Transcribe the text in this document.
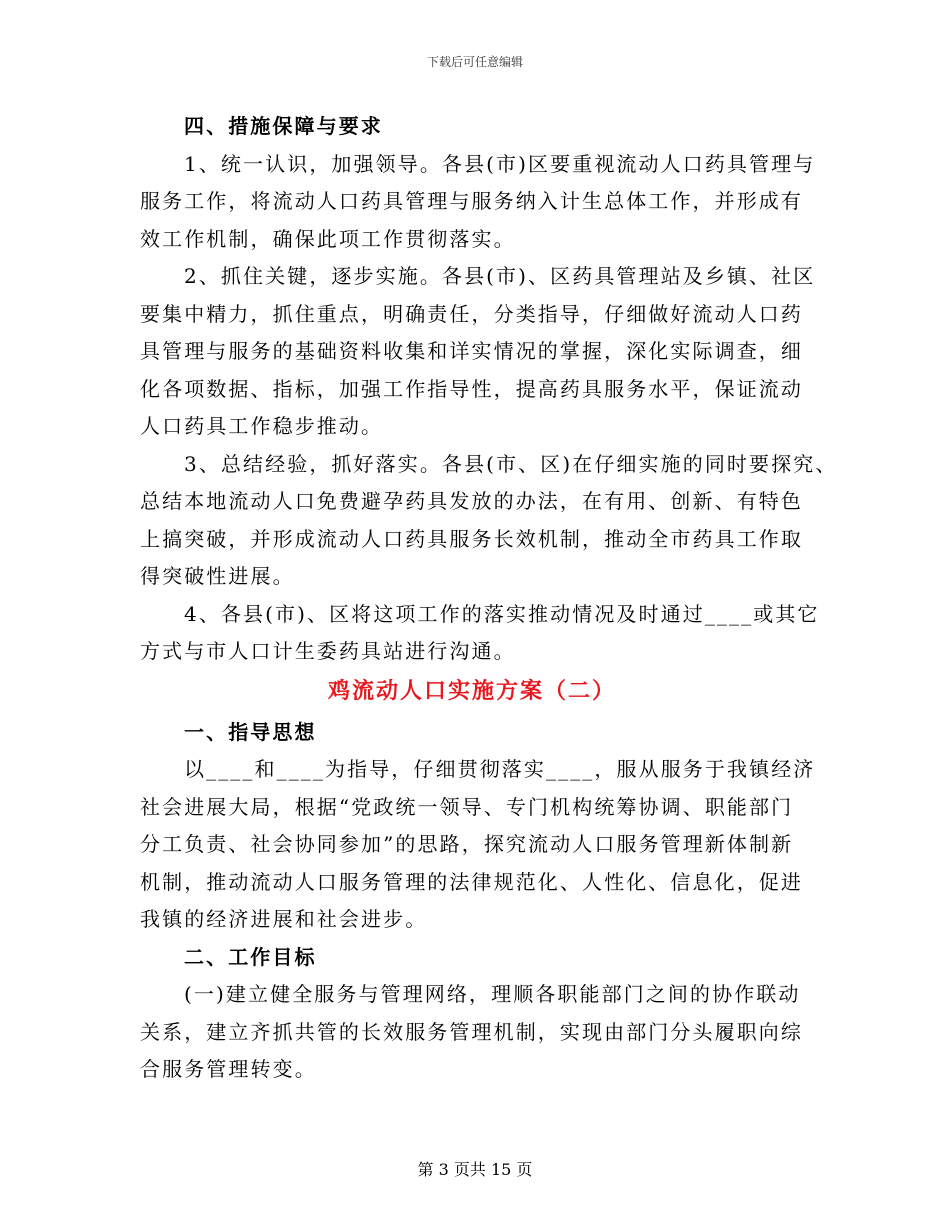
下载后可任意编辑
四、措施保障与要求
1、统一认识，加强领导。各县(市)区要重视流动人口药具管理与
服务工作，将流动人口药具管理与服务纳入计生总体工作，并形成有
效工作机制，确保此项工作贯彻落实。
2、抓住关键，逐步实施。各县(市)、区药具管理站及乡镇、社区
要集中精力，抓住重点，明确责任，分类指导，仔细做好流动人口药
具管理与服务的基础资料收集和详实情况的掌握，深化实际调查，细
化各项数据、指标，加强工作指导性，提高药具服务水平，保证流动
人口药具工作稳步推动。
3、总结经验，抓好落实。各县(市、区)在仔细实施的同时要探究、
总结本地流动人口免费避孕药具发放的办法，在有用、创新、有特色
上搞突破，并形成流动人口药具服务长效机制，推动全市药具工作取
得突破性进展。
4、各县(市)、区将这项工作的落实推动情况及时通过____或其它
方式与市人口计生委药具站进行沟通。
鸡流动人口实施方案（二）
一、指导思想
以____和____为指导，仔细贯彻落实____，服从服务于我镇经济
社会进展大局，根据“党政统一领导、专门机构统筹协调、职能部门
分工负责、社会协同参加”的思路，探究流动人口服务管理新体制新
机制，推动流动人口服务管理的法律规范化、人性化、信息化，促进
我镇的经济进展和社会进步。
二、工作目标
(一)建立健全服务与管理网络，理顺各职能部门之间的协作联动
关系，建立齐抓共管的长效服务管理机制，实现由部门分头履职向综
合服务管理转变。
第 3 页共 15 页
